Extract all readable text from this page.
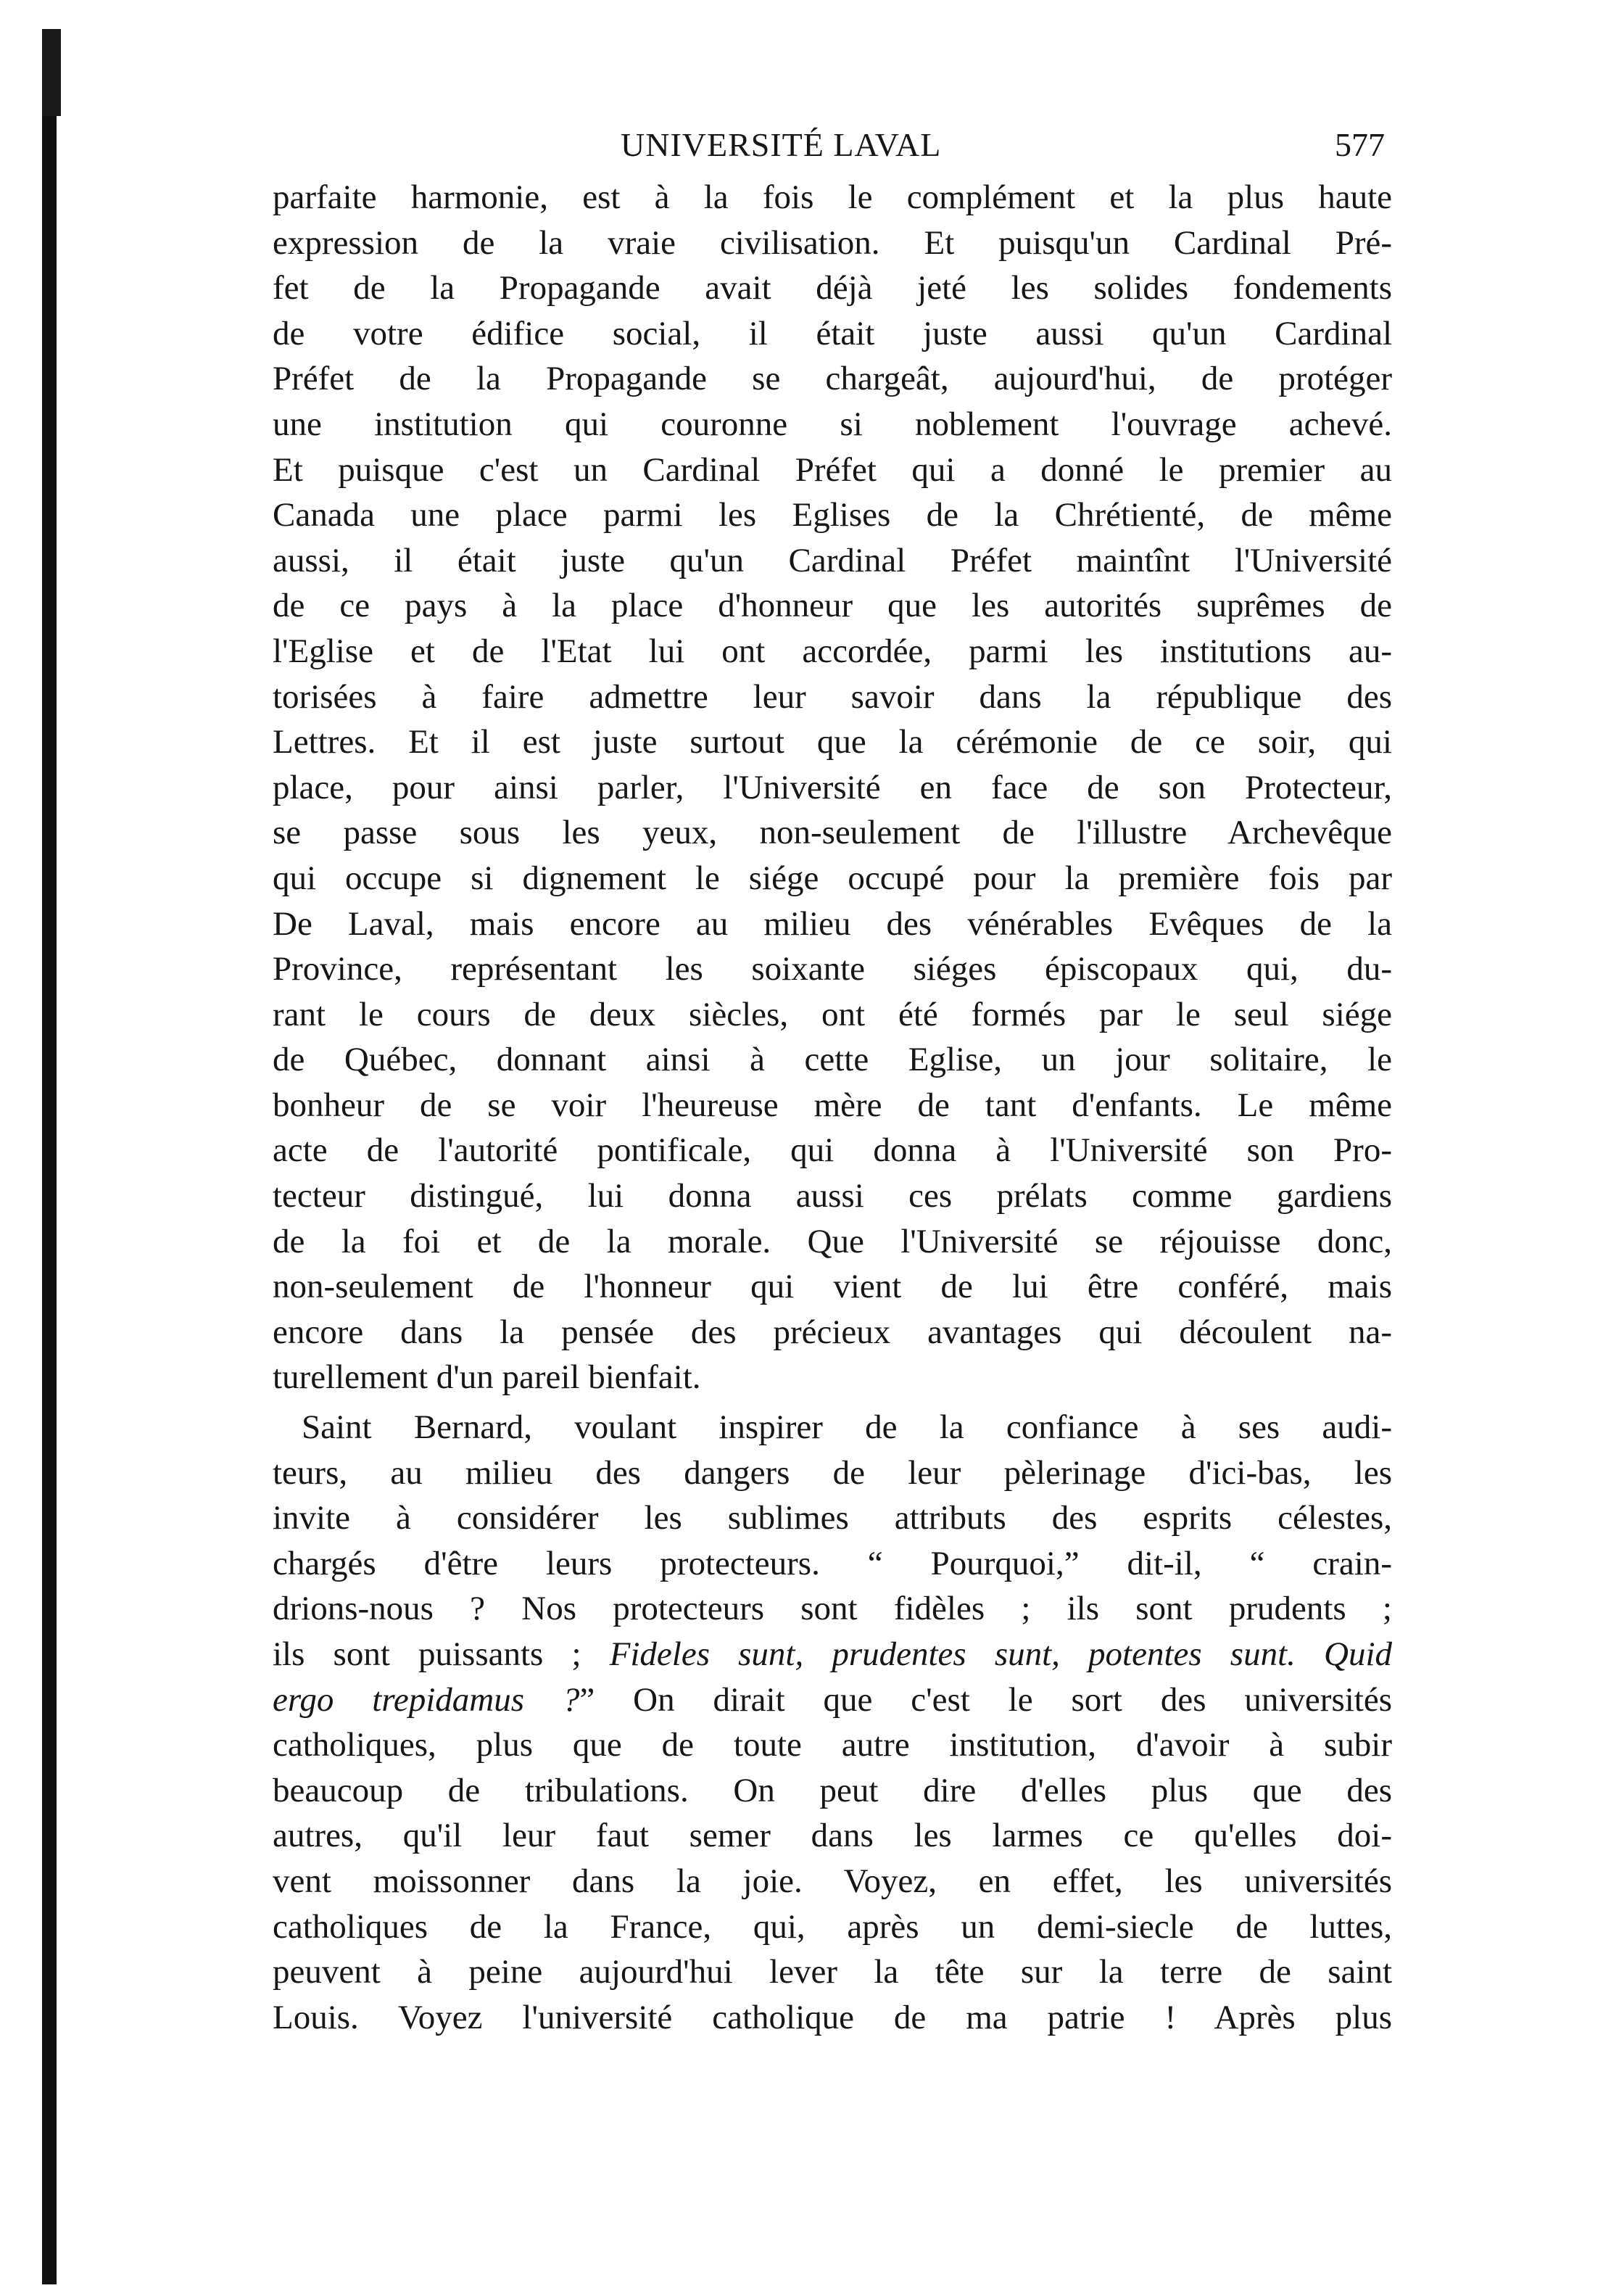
UNIVERSITÉ LAVAL	577

parfaite harmonie, est à la fois le complément et la plus haute
expression de la vraie civilisation. Et puisqu'un Cardinal Pré-
fet de la Propagande avait déjà jeté les solides fondements
de votre édifice social, il était juste aussi qu'un Cardinal
Préfet de la Propagande se chargeât, aujourd'hui, de protéger
une institution qui couronne si noblement l'ouvrage achevé.
Et puisque c'est un Cardinal Préfet qui a donné le premier au
Canada une place parmi les Eglises de la Chrétienté, de même
aussi, il était juste qu'un Cardinal Préfet maintînt l'Université
de ce pays à la place d'honneur que les autorités suprêmes de
l'Eglise et de l'Etat lui ont accordée, parmi les institutions au-
torisées à faire admettre leur savoir dans la république des
Lettres. Et il est juste surtout que la cérémonie de ce soir, qui
place, pour ainsi parler, l'Université en face de son Protecteur,
se passe sous les yeux, non-seulement de l'illustre Archevêque
qui occupe si dignement le siége occupé pour la première fois par
De Laval, mais encore au milieu des vénérables Evêques de la
Province, représentant les soixante siéges épiscopaux qui, du-
rant le cours de deux siècles, ont été formés par le seul siége
de Québec, donnant ainsi à cette Eglise, un jour solitaire, le
bonheur de se voir l'heureuse mère de tant d'enfants. Le même
acte de l'autorité pontificale, qui donna à l'Université son Pro-
tecteur distingué, lui donna aussi ces prélats comme gardiens
de la foi et de la morale. Que l'Université se réjouisse donc,
non-seulement de l'honneur qui vient de lui être conféré, mais
encore dans la pensée des précieux avantages qui découlent na-
turellement d'un pareil bienfait.

Saint Bernard, voulant inspirer de la confiance à ses audi-
teurs, au milieu des dangers de leur pèlerinage d'ici-bas, les
invite à considérer les sublimes attributs des esprits célestes,
chargés d'être leurs protecteurs. “ Pourquoi,” dit-il, “ crain-
drions-nous ? Nos protecteurs sont fidèles ; ils sont prudents ;
ils sont puissants ; Fideles sunt, prudentes sunt, potentes sunt. Quid
ergo trepidamus ?” On dirait que c'est le sort des universités
catholiques, plus que de toute autre institution, d'avoir à subir
beaucoup de tribulations. On peut dire d'elles plus que des
autres, qu'il leur faut semer dans les larmes ce qu'elles doi-
vent moissonner dans la joie. Voyez, en effet, les universités
catholiques de la France, qui, après un demi-siecle de luttes,
peuvent à peine aujourd'hui lever la tête sur la terre de saint
Louis. Voyez l'université catholique de ma patrie ! Après plus
